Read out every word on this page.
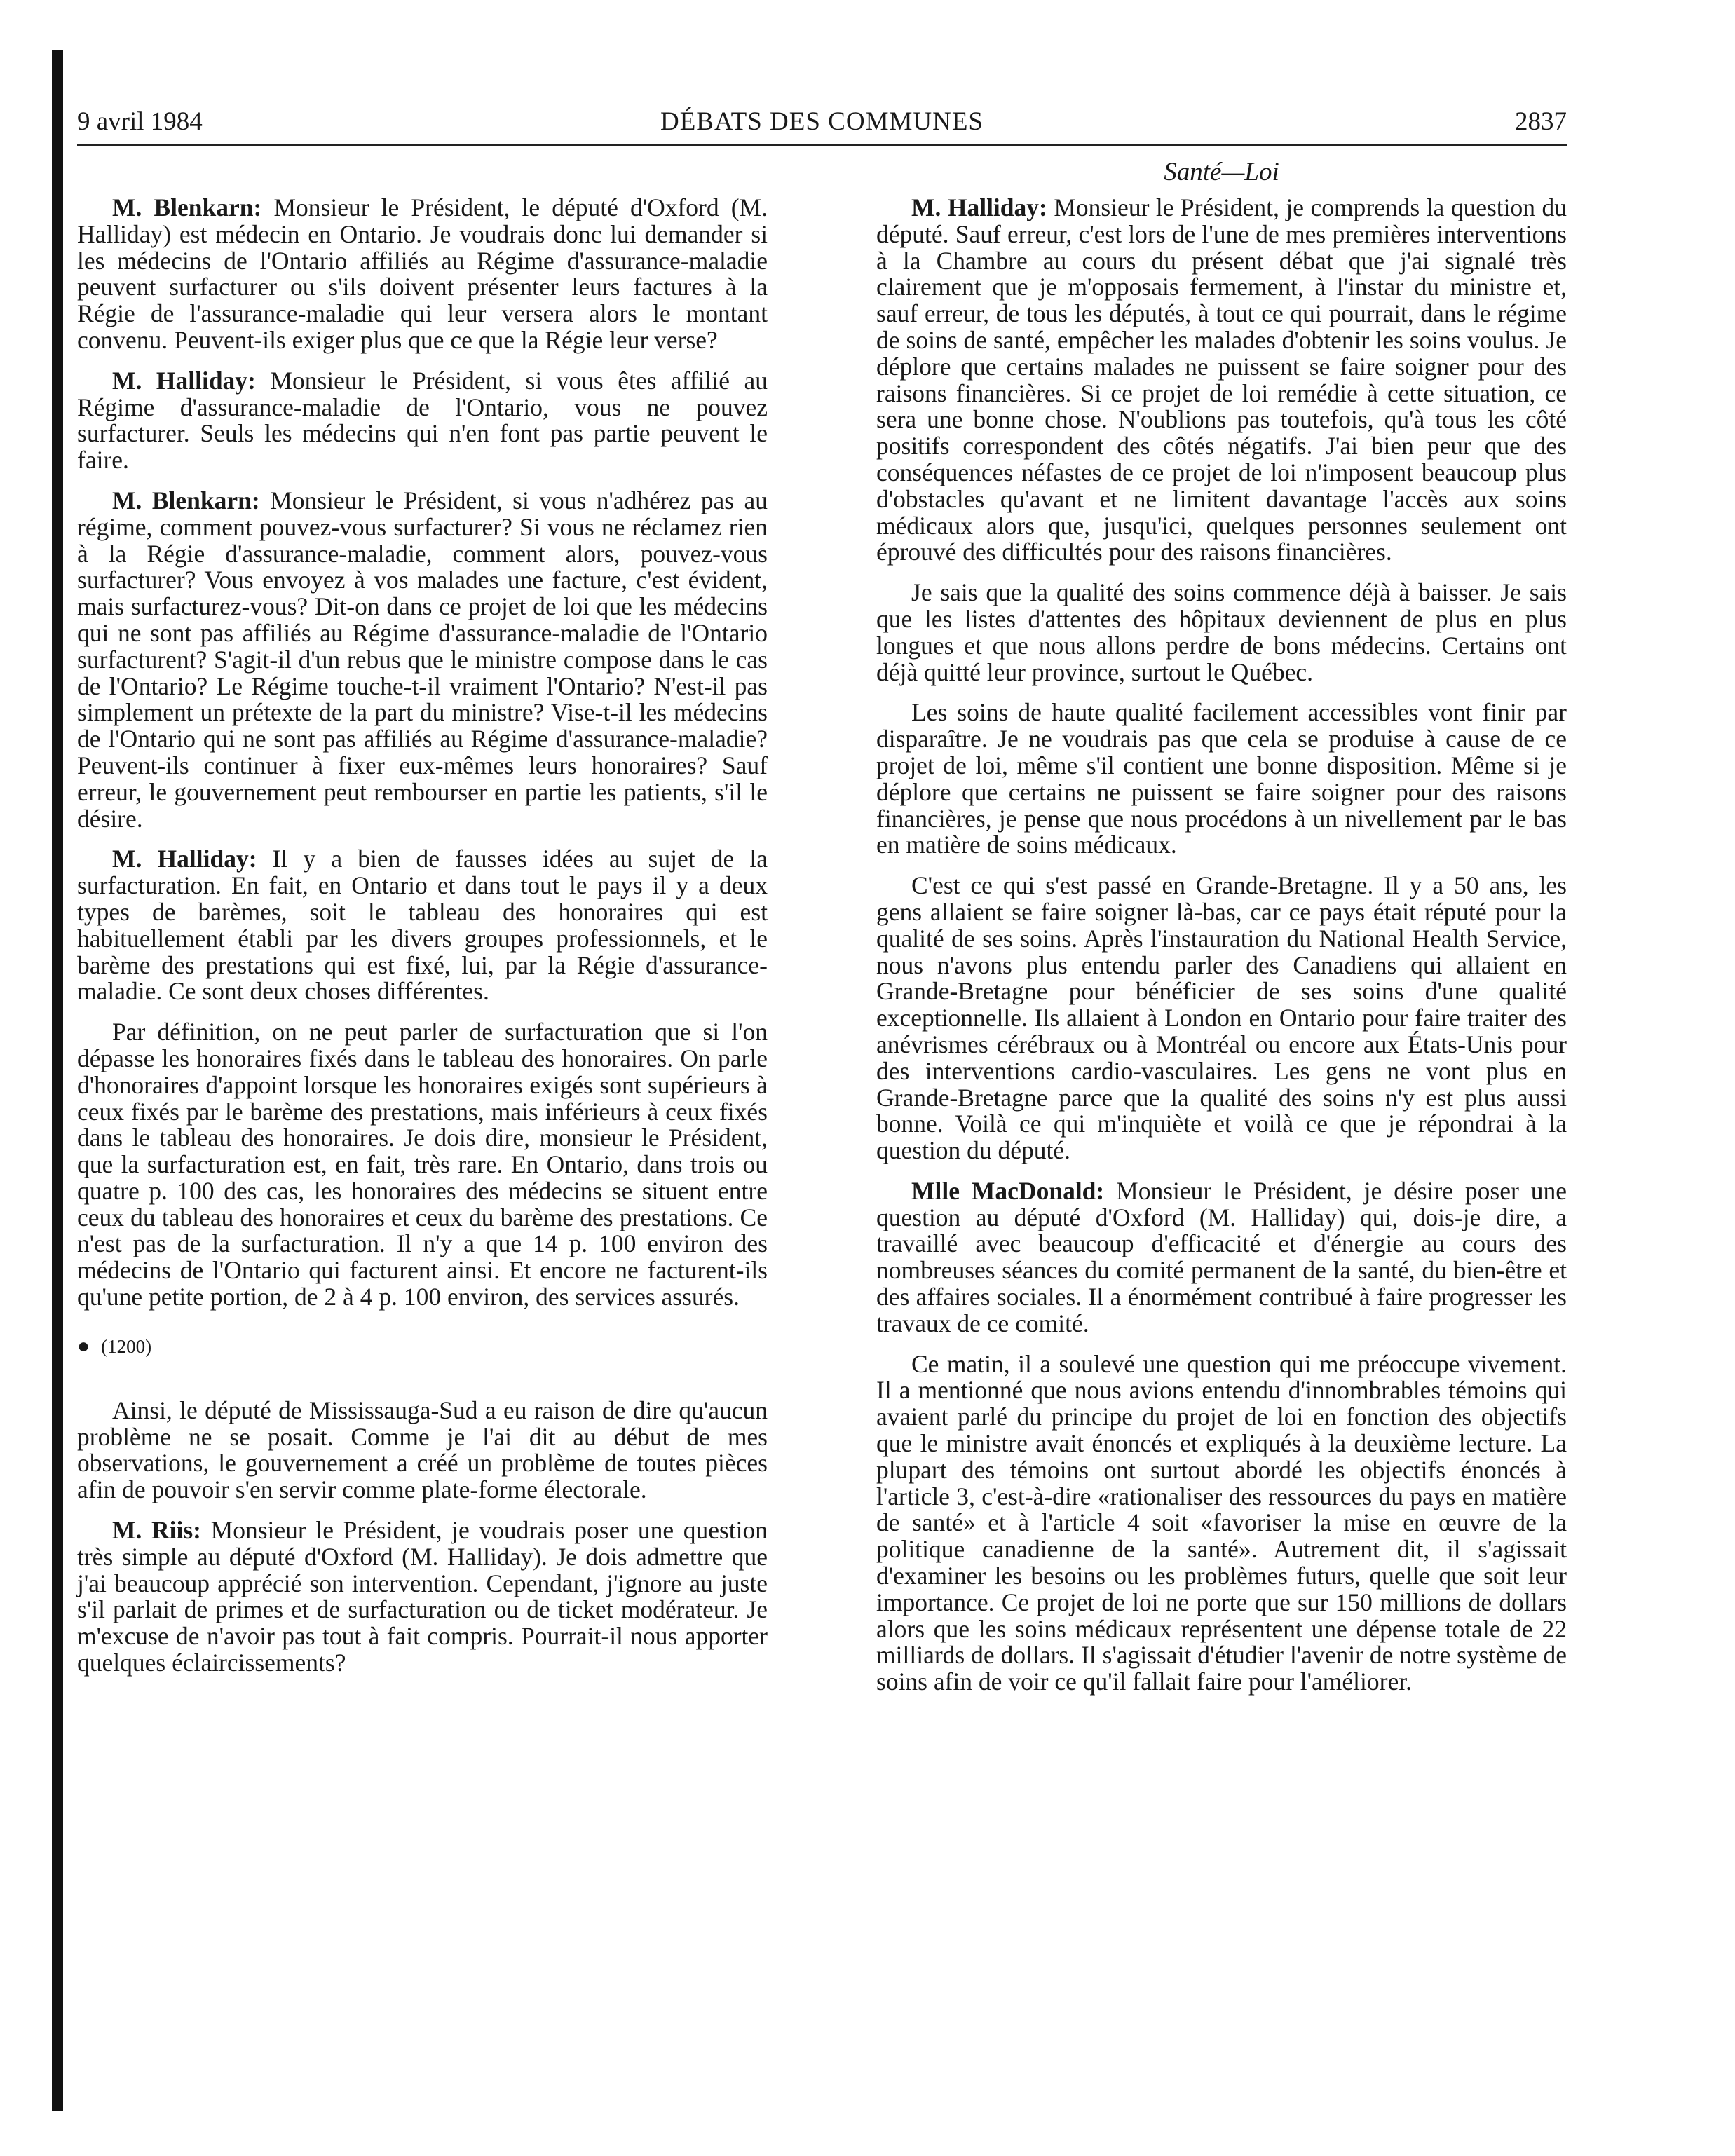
9 avril 1984	DÉBATS DES COMMUNES	2837
Santé—Loi

M. Blenkarn: Monsieur le Président, le député d'Oxford (M. Halliday) est médecin en Ontario. Je voudrais donc lui demander si les médecins de l'Ontario affiliés au Régime d'assurance-maladie peuvent surfacturer ou s'ils doivent présenter leurs factures à la Régie de l'assurance-maladie qui leur versera alors le montant convenu. Peuvent-ils exiger plus que ce que la Régie leur verse?

M. Halliday: Monsieur le Président, si vous êtes affilié au Régime d'assurance-maladie de l'Ontario, vous ne pouvez surfacturer. Seuls les médecins qui n'en font pas partie peuvent le faire.

M. Blenkarn: Monsieur le Président, si vous n'adhérez pas au régime, comment pouvez-vous surfacturer? Si vous ne réclamez rien à la Régie d'assurance-maladie, comment alors, pouvez-vous surfacturer? Vous envoyez à vos malades une facture, c'est évident, mais surfacturez-vous? Dit-on dans ce projet de loi que les médecins qui ne sont pas affiliés au Régime d'assurance-maladie de l'Ontario surfacturent? S'agit-il d'un rebus que le ministre compose dans le cas de l'Ontario? Le Régime touche-t-il vraiment l'Ontario? N'est-il pas simplement un prétexte de la part du ministre? Vise-t-il les médecins de l'Ontario qui ne sont pas affiliés au Régime d'assurance-maladie? Peuvent-ils continuer à fixer eux-mêmes leurs honoraires? Sauf erreur, le gouvernement peut rembourser en partie les patients, s'il le désire.

M. Halliday: Il y a bien de fausses idées au sujet de la surfacturation. En fait, en Ontario et dans tout le pays il y a deux types de barèmes, soit le tableau des honoraires qui est habituellement établi par les divers groupes professionnels, et le barème des prestations qui est fixé, lui, par la Régie d'assurance-maladie. Ce sont deux choses différentes.

Par définition, on ne peut parler de surfacturation que si l'on dépasse les honoraires fixés dans le tableau des honoraires. On parle d'honoraires d'appoint lorsque les honoraires exigés sont supérieurs à ceux fixés par le barème des prestations, mais inférieurs à ceux fixés dans le tableau des honoraires. Je dois dire, monsieur le Président, que la surfacturation est, en fait, très rare. En Ontario, dans trois ou quatre p. 100 des cas, les honoraires des médecins se situent entre ceux du tableau des honoraires et ceux du barème des prestations. Ce n'est pas de la surfacturation. Il n'y a que 14 p. 100 environ des médecins de l'Ontario qui facturent ainsi. Et encore ne facturent-ils qu'une petite portion, de 2 à 4 p. 100 environ, des services assurés.

● (1200)

Ainsi, le député de Mississauga-Sud a eu raison de dire qu'aucun problème ne se posait. Comme je l'ai dit au début de mes observations, le gouvernement a créé un problème de toutes pièces afin de pouvoir s'en servir comme plate-forme électorale.

M. Riis: Monsieur le Président, je voudrais poser une question très simple au député d'Oxford (M. Halliday). Je dois admettre que j'ai beaucoup apprécié son intervention. Cependant, j'ignore au juste s'il parlait de primes et de surfacturation ou de ticket modérateur. Je m'excuse de n'avoir pas tout à fait compris. Pourrait-il nous apporter quelques éclaircissements?

M. Halliday: Monsieur le Président, je comprends la question du député. Sauf erreur, c'est lors de l'une de mes premières interventions à la Chambre au cours du présent débat que j'ai signalé très clairement que je m'opposais fermement, à l'instar du ministre et, sauf erreur, de tous les députés, à tout ce qui pourrait, dans le régime de soins de santé, empêcher les malades d'obtenir les soins voulus. Je déplore que certains malades ne puissent se faire soigner pour des raisons financières. Si ce projet de loi remédie à cette situation, ce sera une bonne chose. N'oublions pas toutefois, qu'à tous les côté positifs correspondent des côtés négatifs. J'ai bien peur que des conséquences néfastes de ce projet de loi n'imposent beaucoup plus d'obstacles qu'avant et ne limitent davantage l'accès aux soins médicaux alors que, jusqu'ici, quelques personnes seulement ont éprouvé des difficultés pour des raisons financières.

Je sais que la qualité des soins commence déjà à baisser. Je sais que les listes d'attentes des hôpitaux deviennent de plus en plus longues et que nous allons perdre de bons médecins. Certains ont déjà quitté leur province, surtout le Québec.

Les soins de haute qualité facilement accessibles vont finir par disparaître. Je ne voudrais pas que cela se produise à cause de ce projet de loi, même s'il contient une bonne disposition. Même si je déplore que certains ne puissent se faire soigner pour des raisons financières, je pense que nous procédons à un nivellement par le bas en matière de soins médicaux.

C'est ce qui s'est passé en Grande-Bretagne. Il y a 50 ans, les gens allaient se faire soigner là-bas, car ce pays était réputé pour la qualité de ses soins. Après l'instauration du National Health Service, nous n'avons plus entendu parler des Canadiens qui allaient en Grande-Bretagne pour bénéficier de ses soins d'une qualité exceptionnelle. Ils allaient à London en Ontario pour faire traiter des anévrismes cérébraux ou à Montréal ou encore aux États-Unis pour des interventions cardio-vasculaires. Les gens ne vont plus en Grande-Bretagne parce que la qualité des soins n'y est plus aussi bonne. Voilà ce qui m'inquiète et voilà ce que je répondrai à la question du député.

Mlle MacDonald: Monsieur le Président, je désire poser une question au député d'Oxford (M. Halliday) qui, dois-je dire, a travaillé avec beaucoup d'efficacité et d'énergie au cours des nombreuses séances du comité permanent de la santé, du bien-être et des affaires sociales. Il a énormément contribué à faire progresser les travaux de ce comité.

Ce matin, il a soulevé une question qui me préoccupe vivement. Il a mentionné que nous avions entendu d'innombrables témoins qui avaient parlé du principe du projet de loi en fonction des objectifs que le ministre avait énoncés et expliqués à la deuxième lecture. La plupart des témoins ont surtout abordé les objectifs énoncés à l'article 3, c'est-à-dire «rationaliser des ressources du pays en matière de santé» et à l'article 4 soit «favoriser la mise en œuvre de la politique canadienne de la santé». Autrement dit, il s'agissait d'examiner les besoins ou les problèmes futurs, quelle que soit leur importance. Ce projet de loi ne porte que sur 150 millions de dollars alors que les soins médicaux représentent une dépense totale de 22 milliards de dollars. Il s'agissait d'étudier l'avenir de notre système de soins afin de voir ce qu'il fallait faire pour l'améliorer.
